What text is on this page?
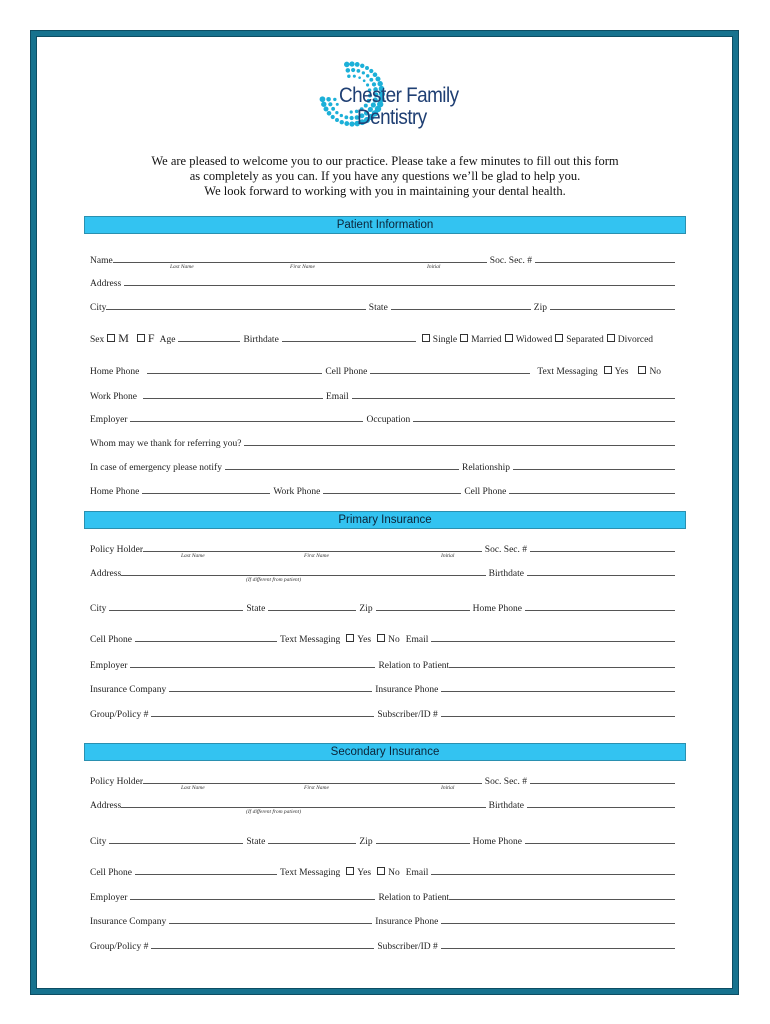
Chester Family
Dentistry
We are pleased to welcome you to our practice. Please take a few minutes to fill out this form
as completely as you can. If you have any questions we’ll be glad to help you.
We look forward to working with you in maintaining your dental health.
Patient Information
Name	Soc. Sec. #
Last Name	First Name	Initial
Address
City	State	Zip
Sex M F Age	Birthdate	Single Married Widowed Separated Divorced
Home Phone	Cell Phone	Text Messaging Yes No
Work Phone	Email
Employer	Occupation
Whom may we thank for referring you?
In case of emergency please notify	Relationship
Home Phone	Work Phone	Cell Phone
Primary Insurance
Policy Holder	Soc. Sec. #
Last Name	First Name	Initial
Address	Birthdate
(If different from patient)
City	State	Zip	Home Phone
Cell Phone	Text Messaging Yes No Email
Employer	Relation to Patient
Insurance Company	Insurance Phone
Group/Policy #	Subscriber/ID #
Secondary Insurance
Policy Holder	Soc. Sec. #
Last Name	First Name	Initial
Address	Birthdate
(If different from patient)
City	State	Zip	Home Phone
Cell Phone	Text Messaging Yes No Email
Employer	Relation to Patient
Insurance Company	Insurance Phone
Group/Policy #	Subscriber/ID #
